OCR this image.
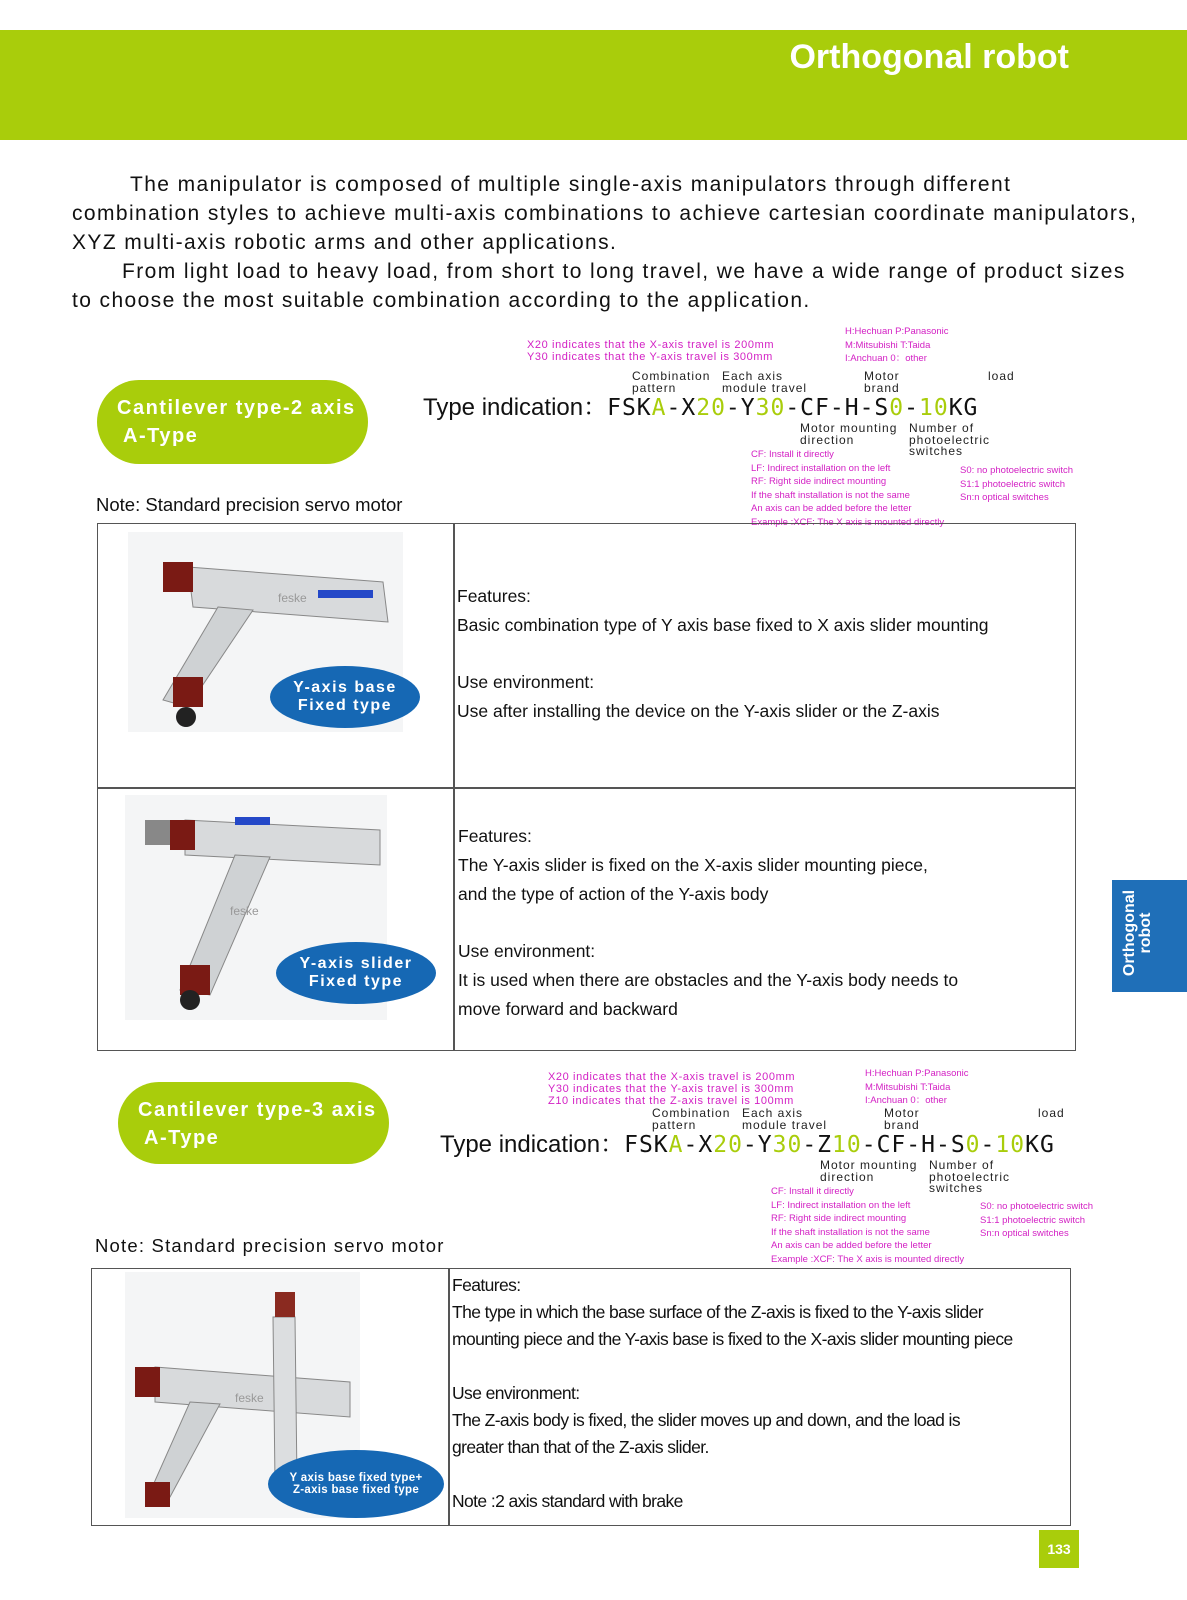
Orthogonal robot

The manipulator is composed of multiple single-axis manipulators through different combination styles to achieve multi-axis combinations to achieve cartesian coordinate manipulators, XYZ multi-axis robotic arms and other applications.

From light load to heavy load, from short to long travel, we have a wide range of product sizes to choose the most suitable combination according to the application.

Cantilever type-2 axis
A-Type
X20 indicates that the X-axis travel is 200mm
Y30 indicates that the Y-axis travel is 300mm
H:Hechuan P:Panasonic
M:Mitsubishi T:Taida
I:Anchuan 0：other
Combination pattern
Each axis module travel
Motor brand
load
Type indication：FSKA-X20-Y30-CF-H-S0-10KG
Motor mounting direction
Number of photoelectric switches
CF: Install it directly
LF: Indirect installation on the left
RF: Right side indirect mounting
If the shaft installation is not the same
An axis can be added before the letter
Example :XCF: The X axis is mounted directly
S0: no photoelectric switch
S1:1 photoelectric switch
Sn:n optical switches
Note: Standard precision servo motor
feske
Y-axis base
Fixed type
Features:
Basic combination type of Y axis base fixed to X axis slider mounting
Use environment:
Use after installing the device on the Y-axis slider or the Z-axis
feske
Y-axis slider
Fixed type
Features:
The Y-axis slider is fixed on the X-axis slider mounting piece,
and the type of action of the Y-axis body
Use environment:
It is used when there are obstacles and the Y-axis body needs to
move forward and backward
Cantilever type-3 axis
A-Type
X20 indicates that the X-axis travel is 200mm
Y30 indicates that the Y-axis travel is 300mm
Z10 indicates that the Z-axis travel is 100mm
H:Hechuan P:Panasonic
M:Mitsubishi T:Taida
I:Anchuan 0：other
Combination pattern
Each axis module travel
Motor brand
load
Type indication：FSKA-X20-Y30-Z10-CF-H-S0-10KG
Motor mounting direction
Number of photoelectric switches
CF: Install it directly
LF: Indirect installation on the left
RF: Right side indirect mounting
If the shaft installation is not the same
An axis can be added before the letter
Example :XCF: The X axis is mounted directly
S0: no photoelectric switch
S1:1 photoelectric switch
Sn:n optical switches
Note: Standard precision servo motor
feske
Y axis base fixed type+
Z-axis base fixed type
Features:
The type in which the base surface of the Z-axis is fixed to the Y-axis slider
mounting piece and the Y-axis base is fixed to the X-axis slider mounting piece
Use environment:
The Z-axis body is fixed, the slider moves up and down, and the load is
greater than that of the Z-axis slider.
Note :2 axis standard with brake
Orthogonal robot
133
